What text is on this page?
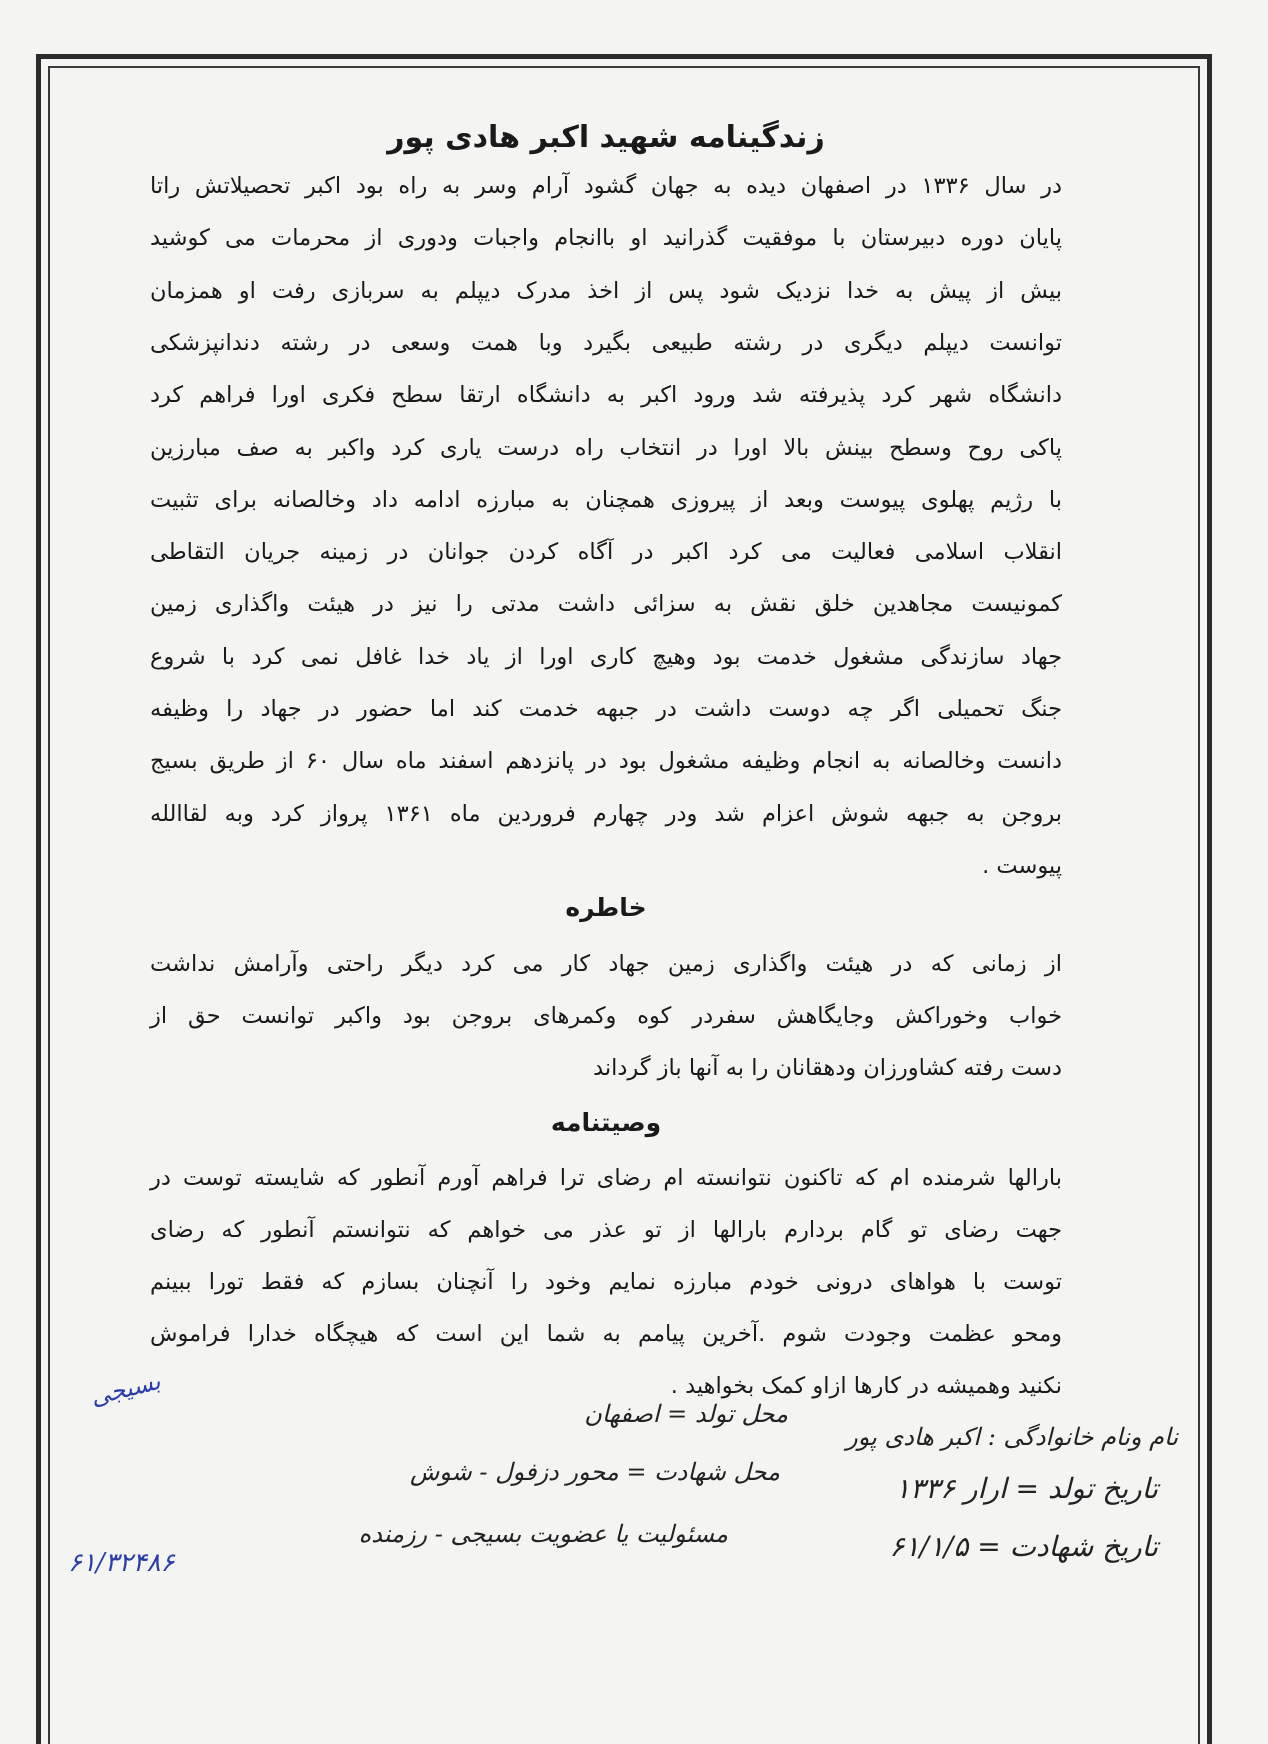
زندگینامه شهید اکبر هادی پور
در سال ۱۳۳۶ در اصفهان دیده به جهان گشود آرام وسر به راه بود اکبر تحصیلاتش راتا
پایان دوره دبیرستان با موفقیت گذرانید او باانجام واجبات ودوری از محرمات می کوشید
بیش از پیش به خدا نزدیک شود پس از اخذ مدرک دیپلم به سربازی رفت او همزمان
توانست دیپلم دیگری در رشته طبیعی بگیرد وبا همت وسعی در رشته دندانپزشکی
دانشگاه شهر کرد پذیرفته شد ورود اکبر به دانشگاه ارتقا سطح فکری اورا فراهم کرد
پاکی روح وسطح بینش بالا اورا در انتخاب راه درست یاری کرد واکبر به صف مبارزین
با رژیم پهلوی پیوست وبعد از پیروزی همچنان به مبارزه ادامه داد وخالصانه برای تثبیت
انقلاب اسلامی فعالیت می کرد اکبر در آگاه کردن جوانان در زمینه جریان التقاطی
کمونیست مجاهدین خلق نقش به سزائی داشت مدتی را نیز در هیئت واگذاری زمین
جهاد سازندگی مشغول خدمت بود وهیچ کاری اورا از یاد خدا غافل نمی کرد با شروع
جنگ تحمیلی اگر چه دوست داشت در جبهه خدمت کند اما حضور در جهاد را وظیفه
دانست وخالصانه به انجام وظیفه مشغول بود در پانزدهم اسفند ماه سال ۶۰ از طریق بسیج
بروجن به جبهه شوش اعزام شد ودر چهارم فروردین ماه ۱۳۶۱ پرواز کرد وبه لقاالله
پیوست .
خاطره
از زمانی که در هیئت واگذاری زمین جهاد کار می کرد دیگر راحتی وآرامش نداشت
خواب وخوراکش وجایگاهش سفردر کوه وکمرهای بروجن بود واکبر توانست حق از
دست رفته کشاورزان ودهقانان را به آنها باز گرداند
وصیتنامه
بارالها شرمنده ام که تاکنون نتوانسته ام رضای ترا فراهم آورم آنطور که شایسته توست در
جهت رضای تو گام بردارم بارالها از تو عذر می خواهم که نتوانستم آنطور که رضای
توست با هواهای درونی خودم مبارزه نمایم وخود را آنچنان بسازم که فقط تورا ببینم
ومحو عظمت وجودت شوم .آخرین پیامم به شما این است که هیچگاه خدارا فراموش
نکنید وهمیشه در کارها ازاو کمک بخواهید .
محل تولد = اصفهان
محل شهادت = محور دزفول - شوش
مسئولیت یا عضویت بسیجی - رزمنده
نام ونام خانوادگی : اکبر هادی پور
تاریخ تولد = ارار ۱۳۳۶
تاریخ شهادت = ۶۱/۱/۵
بسیجی
۶۱/۳۲۴۸۶
